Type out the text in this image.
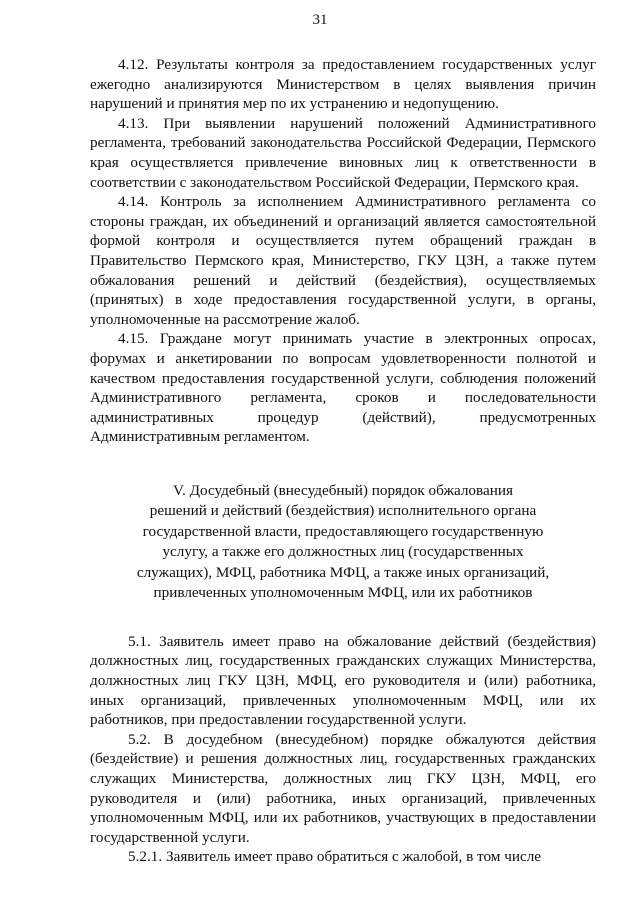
31

4.12. Результаты контроля за предоставлением государственных услуг ежегодно анализируются Министерством в целях выявления причин нарушений и принятия мер по их устранению и недопущению.

4.13. При выявлении нарушений положений Административного регламента, требований законодательства Российской Федерации, Пермского края осуществляется привлечение виновных лиц к ответственности в соответствии с законодательством Российской Федерации, Пермского края.

4.14. Контроль за исполнением Административного регламента со стороны граждан, их объединений и организаций является самостоятельной формой контроля и осуществляется путем обращений граждан в Правительство Пермского края, Министерство, ГКУ ЦЗН, а также путем обжалования решений и действий (бездействия), осуществляемых (принятых) в ходе предоставления государственной услуги, в органы, уполномоченные на рассмотрение жалоб.

4.15. Граждане могут принимать участие в электронных опросах, форумах и анкетировании по вопросам удовлетворенности полнотой и качеством предоставления государственной услуги, соблюдения положений Административного регламента, сроков и последовательности административных процедур (действий), предусмотренных Административным регламентом.

V. Досудебный (внесудебный) порядок обжалования
решений и действий (бездействия) исполнительного органа
государственной власти, предоставляющего государственную
услугу, а также его должностных лиц (государственных
служащих), МФЦ, работника МФЦ, а также иных организаций,
привлеченных уполномоченным МФЦ, или их работников

5.1. Заявитель имеет право на обжалование действий (бездействия) должностных лиц, государственных гражданских служащих Министерства, должностных лиц ГКУ ЦЗН, МФЦ, его руководителя и (или) работника, иных организаций, привлеченных уполномоченным МФЦ, или их работников, при предоставлении государственной услуги.

5.2. В досудебном (внесудебном) порядке обжалуются действия (бездействие) и решения должностных лиц, государственных гражданских служащих Министерства, должностных лиц ГКУ ЦЗН, МФЦ, его руководителя и (или) работника, иных организаций, привлеченных уполномоченным МФЦ, или их работников, участвующих в предоставлении государственной услуги.

5.2.1. Заявитель имеет право обратиться с жалобой, в том числе
